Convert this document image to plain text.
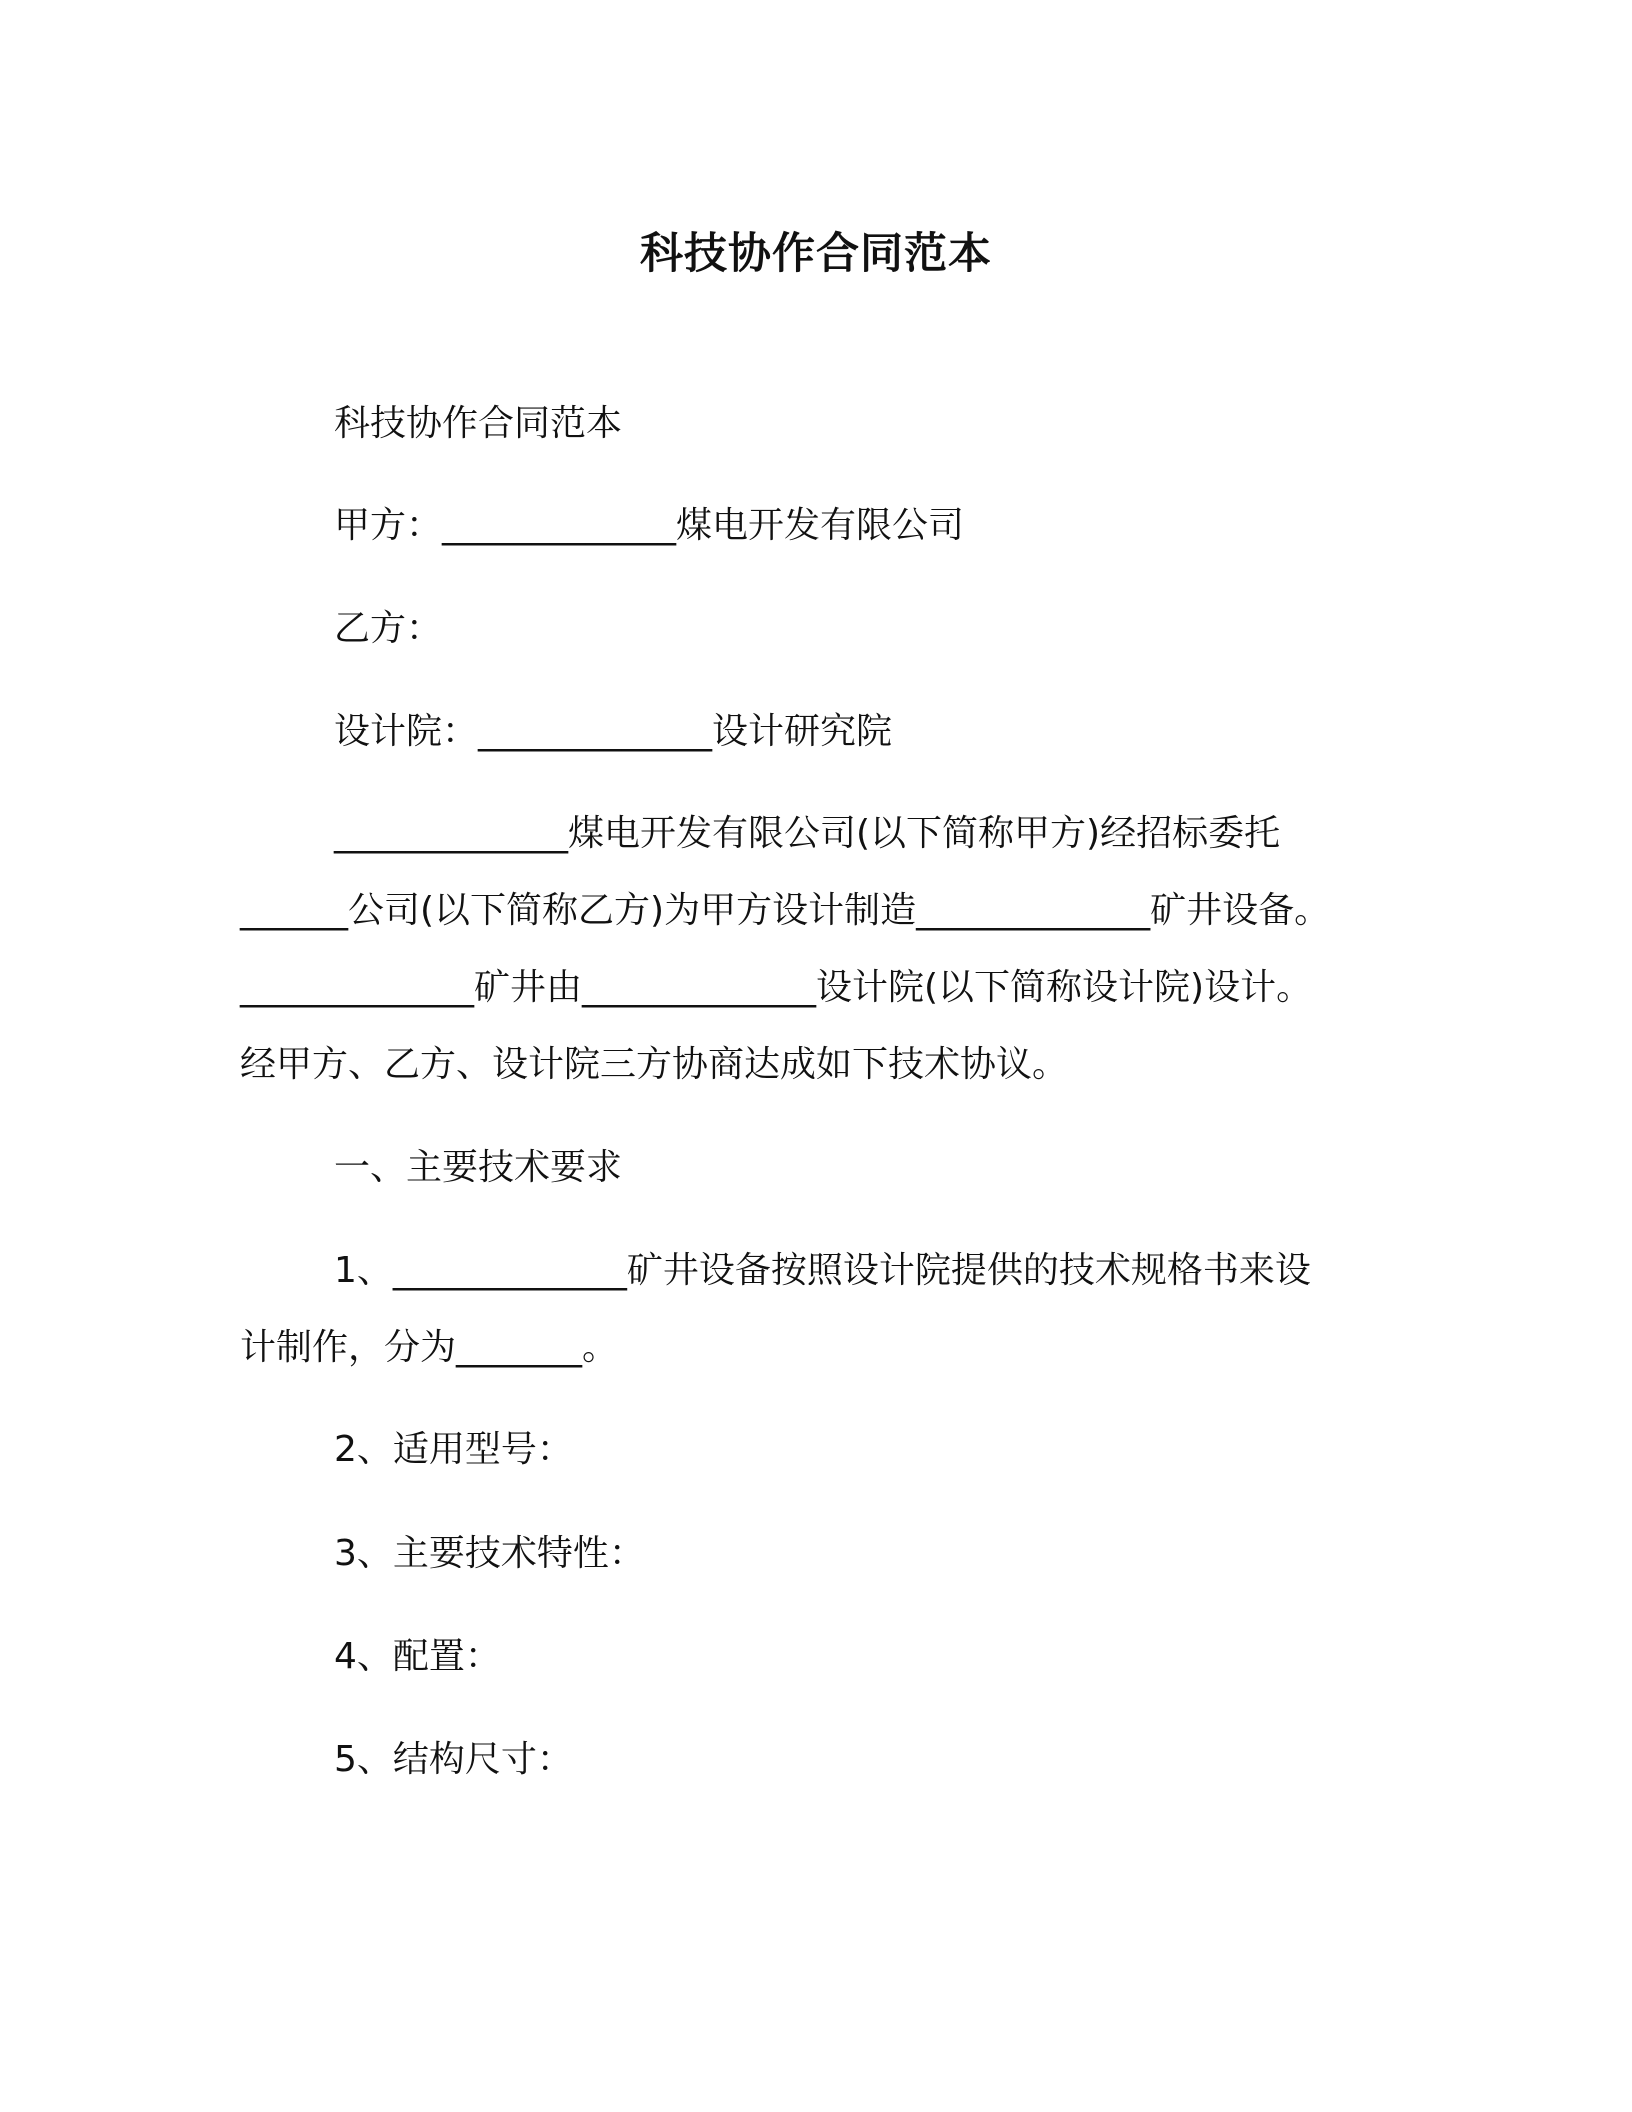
科技协作合同范本
科技协作合同范本
甲方：_____________煤电开发有限公司
乙方：
设计院：_____________设计研究院
_____________煤电开发有限公司(以下简称甲方)经招标委托
______公司(以下简称乙方)为甲方设计制造_____________矿井设备。
_____________矿井由_____________设计院(以下简称设计院)设计。
经甲方、乙方、设计院三方协商达成如下技术协议。
一、主要技术要求
1、_____________矿井设备按照设计院提供的技术规格书来设
计制作，分为_______。
2、适用型号：
3、主要技术特性：
4、配置：
5、结构尺寸：
